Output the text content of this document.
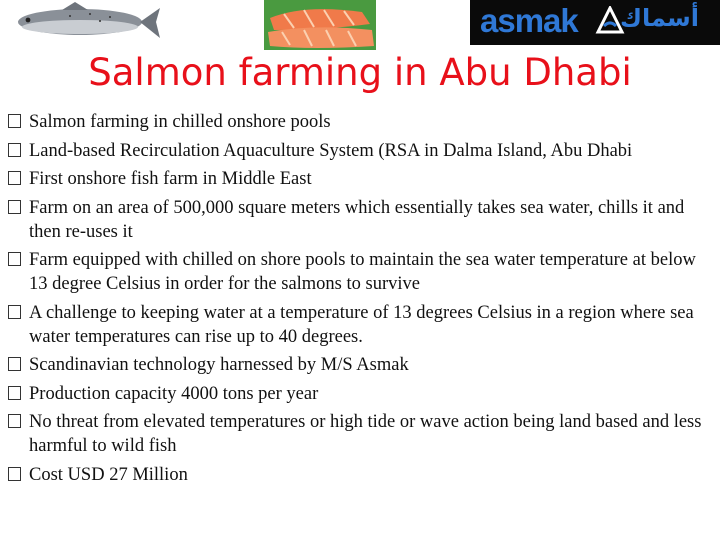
asmak أسماك
Salmon farming in Abu Dhabi
Salmon farming in chilled onshore pools
Land-based Recirculation Aquaculture System (RSA in Dalma Island, Abu Dhabi
First onshore fish farm in Middle East
Farm on an area of 500,000 square meters which essentially takes sea water, chills it and then re-uses it
Farm equipped with chilled on shore pools to maintain the sea water temperature at below 13 degree Celsius in order for the salmons to survive
A challenge to keeping water at a temperature of 13 degrees Celsius in a region where sea water temperatures can rise up to 40 degrees.
Scandinavian technology harnessed by M/S Asmak
Production capacity 4000 tons per year
No threat from elevated temperatures or high tide or wave action being land based and less harmful to wild fish
Cost USD 27 Million
